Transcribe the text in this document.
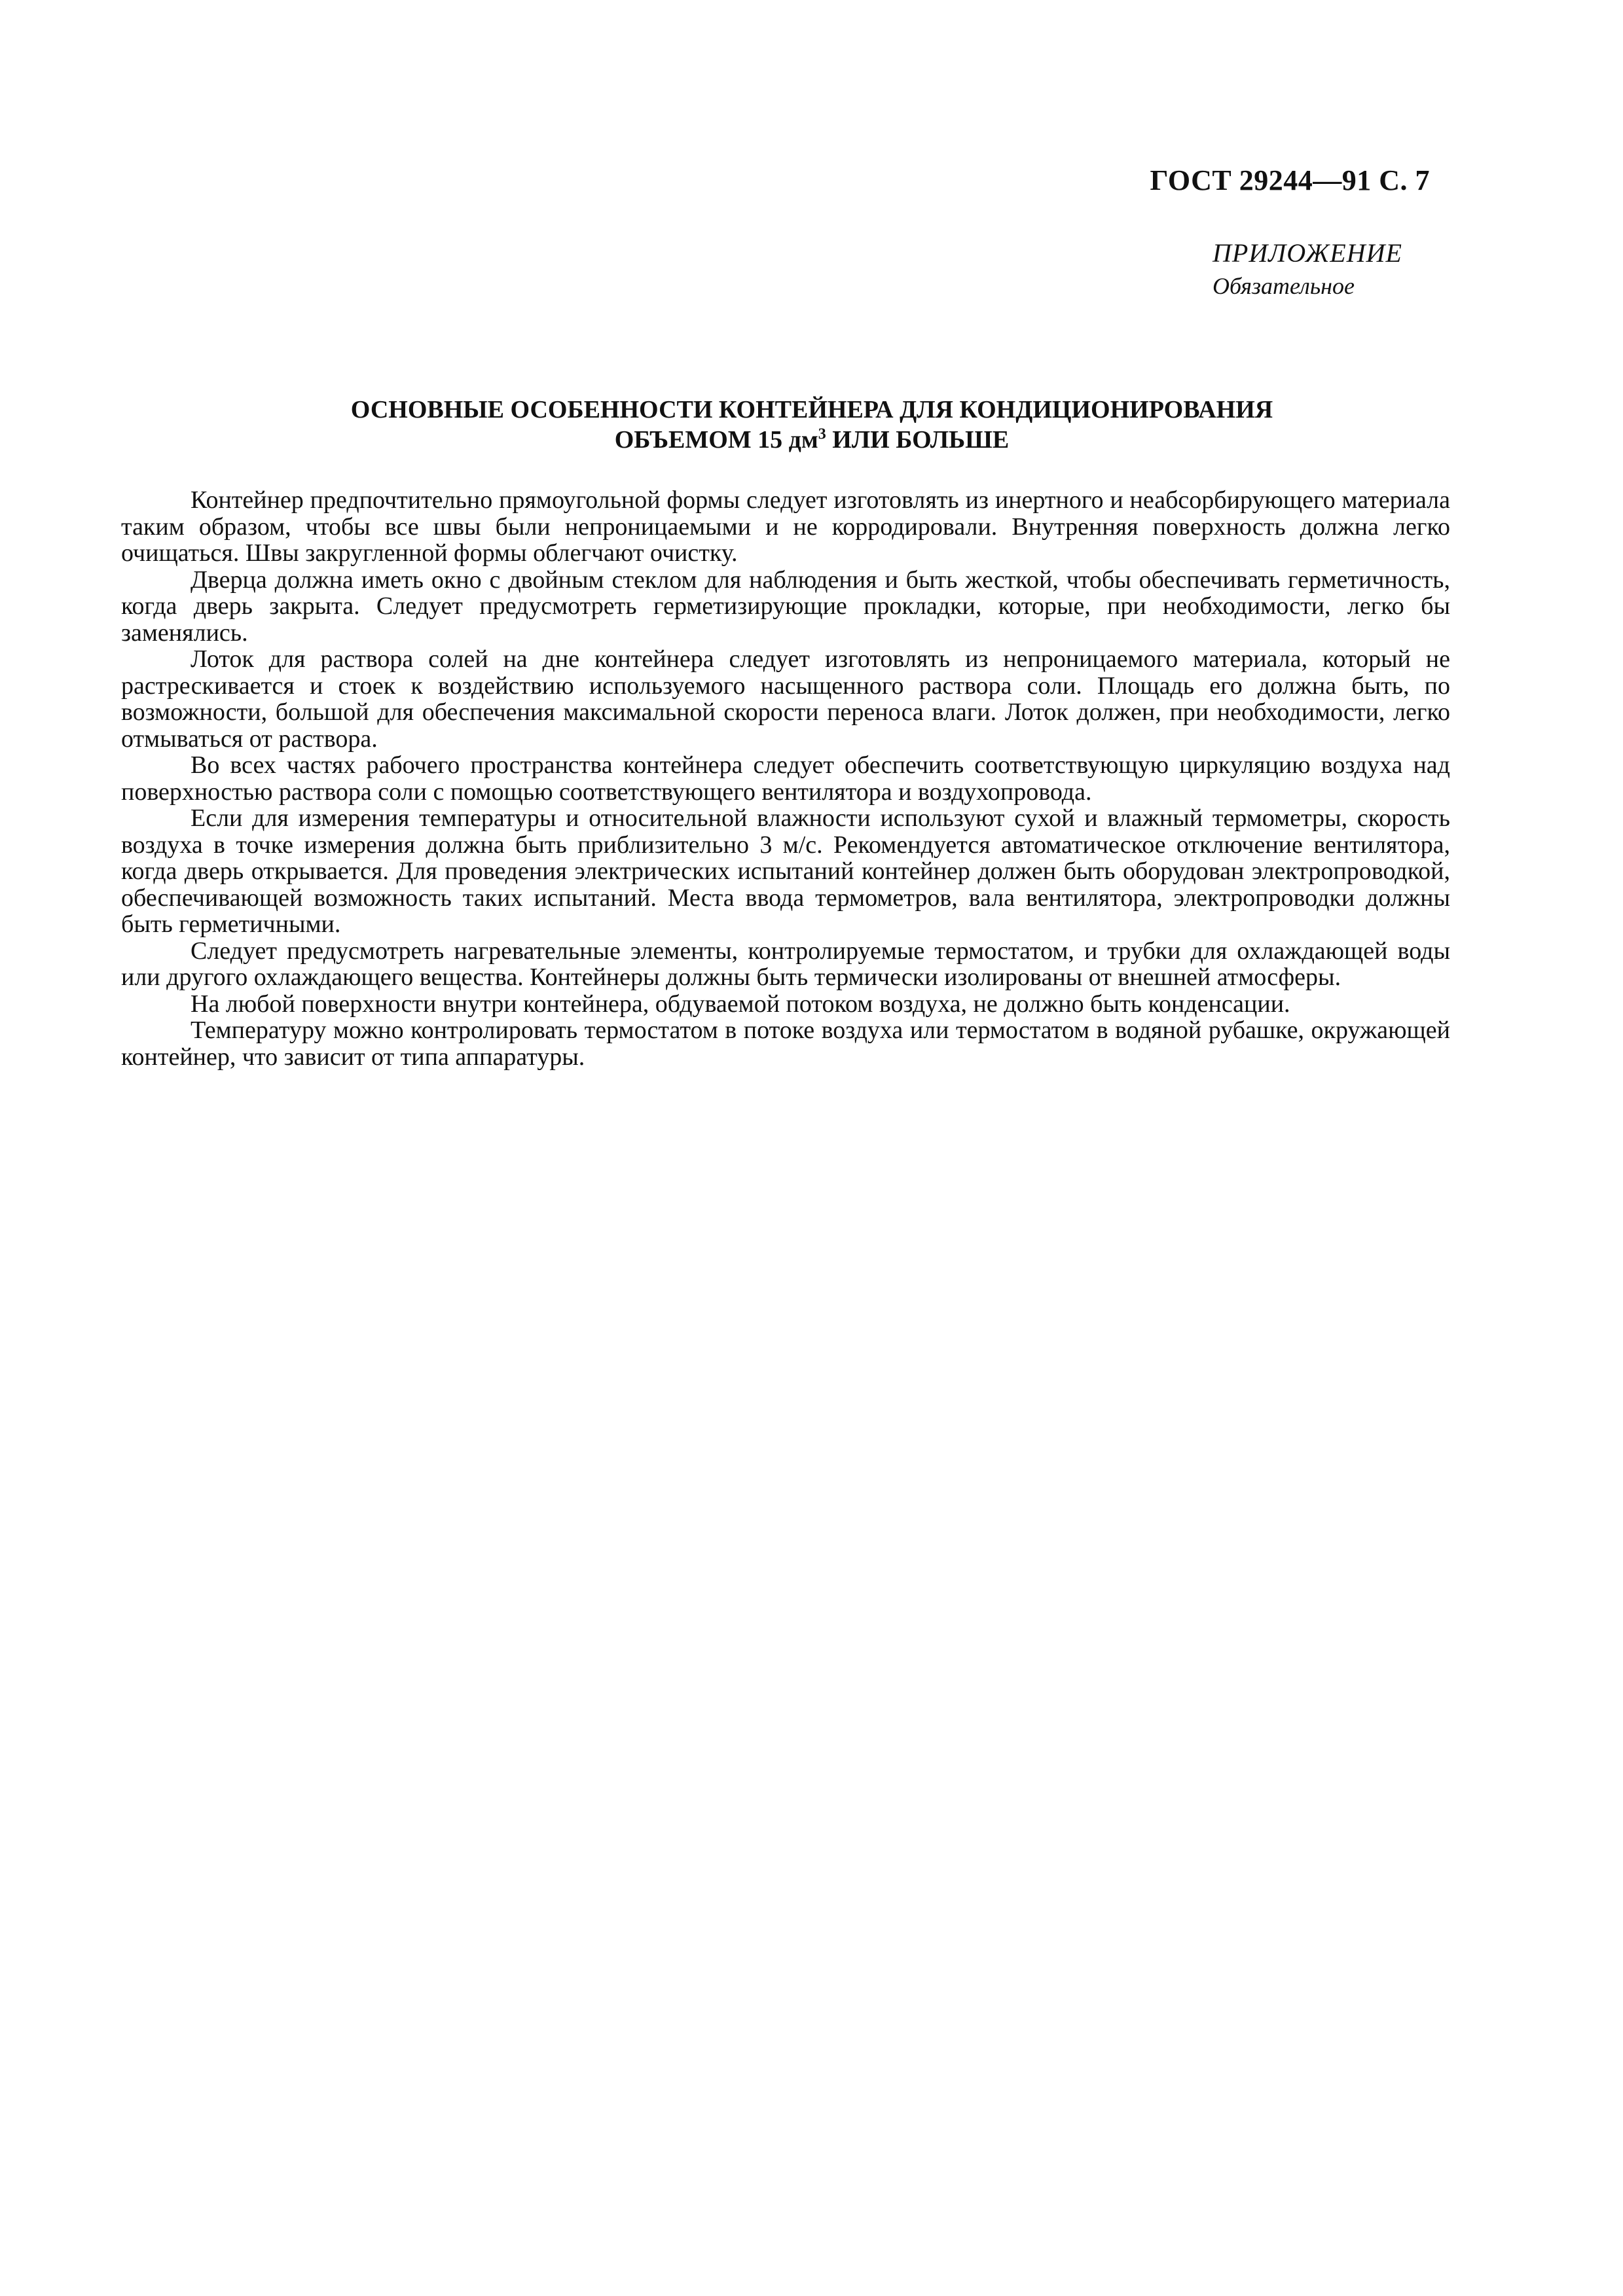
ГОСТ 29244—91 С. 7
ПРИЛОЖЕНИЕ
Обязательное
ОСНОВНЫЕ ОСОБЕННОСТИ КОНТЕЙНЕРА ДЛЯ КОНДИЦИОНИРОВАНИЯ
ОБЪЕМОМ 15 $дм^3$ ИЛИ БОЛЬШЕ

Контейнер предпочтительно прямоугольной формы следует изготовлять из инертного и неабсорбирующего материала таким образом, чтобы все швы были непроницаемыми и не корродировали. Внутренняя поверхность должна легко очищаться. Швы закругленной формы облегчают очистку.

Дверца должна иметь окно с двойным стеклом для наблюдения и быть жесткой, чтобы обеспечивать герметичность, когда дверь закрыта. Следует предусмотреть герметизирующие прокладки, которые, при необходимости, легко бы заменялись.

Лоток для раствора солей на дне контейнера следует изготовлять из непроницаемого материала, который не растрескивается и стоек к воздействию используемого насыщенного раствора соли. Площадь его должна быть, по возможности, большой для обеспечения максимальной скорости переноса влаги. Лоток должен, при необходимости, легко отмываться от раствора.

Во всех частях рабочего пространства контейнера следует обеспечить соответствующую циркуляцию воздуха над поверхностью раствора соли с помощью соответствующего вентилятора и воздухопровода.

Если для измерения температуры и относительной влажности используют сухой и влажный термометры, скорость воздуха в точке измерения должна быть приблизительно 3 м/с. Рекомендуется автоматическое отключение вентилятора, когда дверь открывается. Для проведения электрических испытаний контейнер должен быть оборудован электропроводкой, обеспечивающей возможность таких испытаний. Места ввода термометров, вала вентилятора, электропроводки должны быть герметичными.

Следует предусмотреть нагревательные элементы, контролируемые термостатом, и трубки для охлаждающей воды или другого охлаждающего вещества. Контейнеры должны быть термически изолированы от внешней атмосферы.

На любой поверхности внутри контейнера, обдуваемой потоком воздуха, не должно быть конденсации.

Температуру можно контролировать термостатом в потоке воздуха или термостатом в водяной рубашке, окружающей контейнер, что зависит от типа аппаратуры.
